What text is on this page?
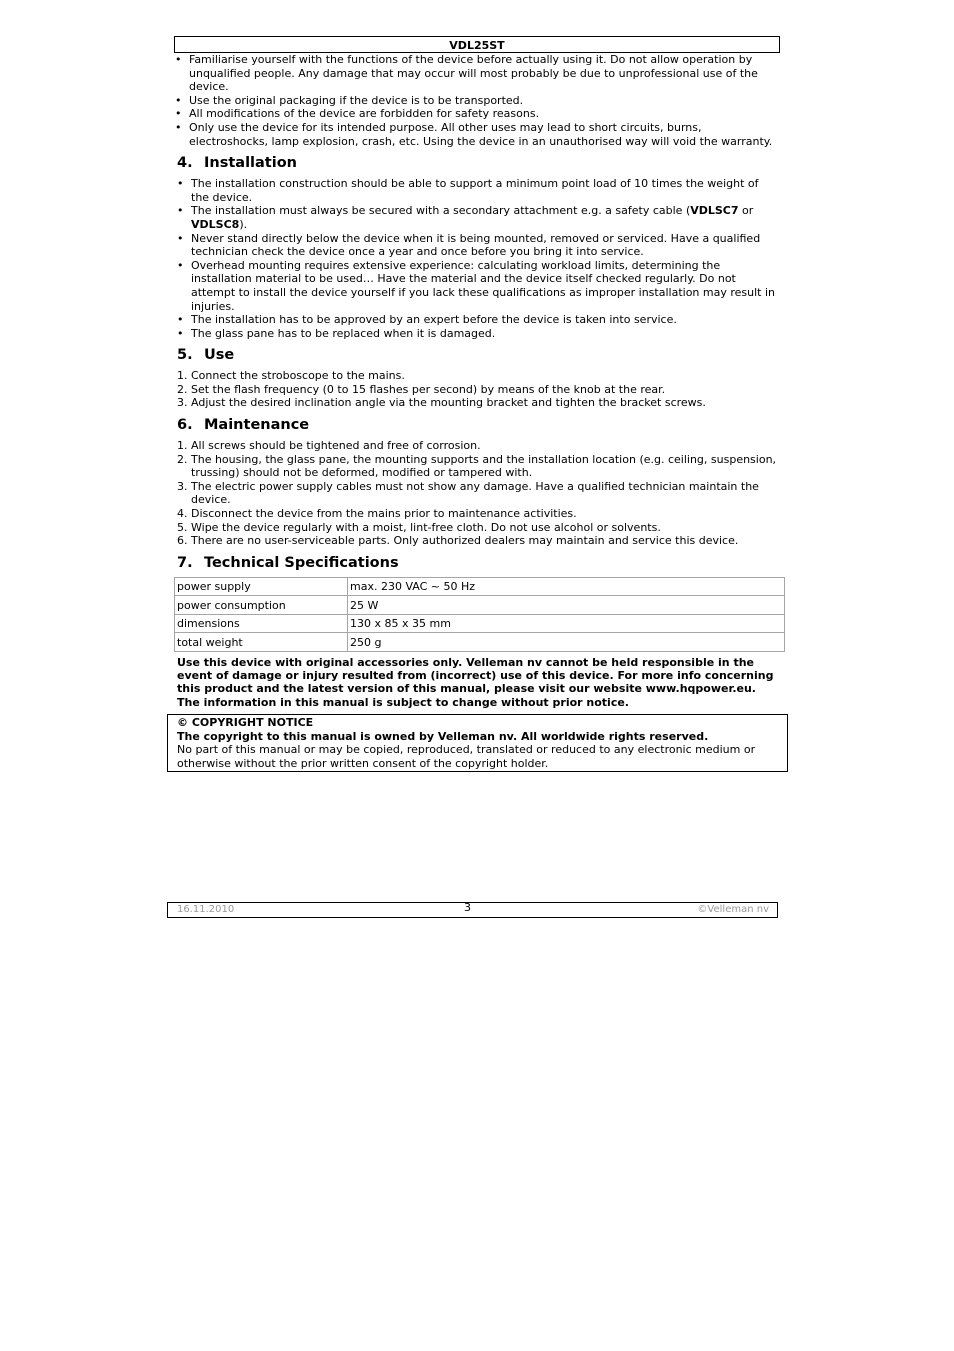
VDL25ST
• Familiarise yourself with the functions of the device before actually using it. Do not allow operation by unqualified people. Any damage that may occur will most probably be due to unprofessional use of the device.
• Use the original packaging if the device is to be transported.
• All modifications of the device are forbidden for safety reasons.
• Only use the device for its intended purpose. All other uses may lead to short circuits, burns, electroshocks, lamp explosion, crash, etc. Using the device in an unauthorised way will void the warranty.
4. Installation
• The installation construction should be able to support a minimum point load of 10 times the weight of the device.
• The installation must always be secured with a secondary attachment e.g. a safety cable (VDLSC7 or VDLSC8).
• Never stand directly below the device when it is being mounted, removed or serviced. Have a qualified technician check the device once a year and once before you bring it into service.
• Overhead mounting requires extensive experience: calculating workload limits, determining the installation material to be used… Have the material and the device itself checked regularly. Do not attempt to install the device yourself if you lack these qualifications as improper installation may result in injuries.
• The installation has to be approved by an expert before the device is taken into service.
• The glass pane has to be replaced when it is damaged.
5. Use
1. Connect the stroboscope to the mains.
2. Set the flash frequency (0 to 15 flashes per second) by means of the knob at the rear.
3. Adjust the desired inclination angle via the mounting bracket and tighten the bracket screws.
6. Maintenance
1. All screws should be tightened and free of corrosion.
2. The housing, the glass pane, the mounting supports and the installation location (e.g. ceiling, suspension, trussing) should not be deformed, modified or tampered with.
3. The electric power supply cables must not show any damage. Have a qualified technician maintain the device.
4. Disconnect the device from the mains prior to maintenance activities.
5. Wipe the device regularly with a moist, lint-free cloth. Do not use alcohol or solvents.
6. There are no user-serviceable parts. Only authorized dealers may maintain and service this device.
7. Technical Specifications
power supply	max. 230 VAC ~ 50 Hz
power consumption	25 W
dimensions	130 x 85 x 35 mm
total weight	250 g
Use this device with original accessories only. Velleman nv cannot be held responsible in the event of damage or injury resulted from (incorrect) use of this device. For more info concerning this product and the latest version of this manual, please visit our website www.hqpower.eu. The information in this manual is subject to change without prior notice.
© COPYRIGHT NOTICE
The copyright to this manual is owned by Velleman nv. All worldwide rights reserved.
No part of this manual or may be copied, reproduced, translated or reduced to any electronic medium or otherwise without the prior written consent of the copyright holder.
16.11.2010	3	©Velleman nv
